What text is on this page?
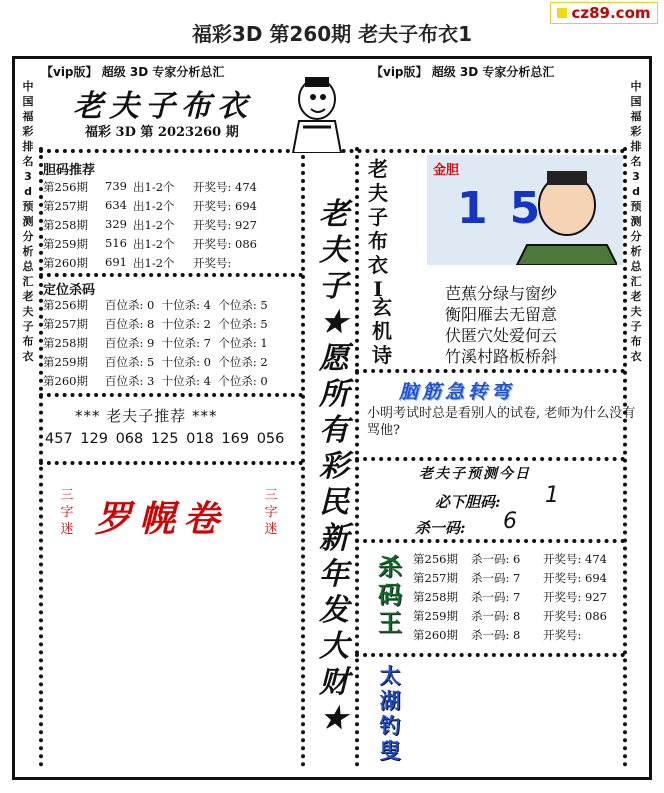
福彩3D 第260期 老夫子布衣1
cz89.com
【vip版】 超级 3D 专家分析总汇	【vip版】 超级 3D 专家分析总汇
中
国
福
彩
排
名
3
d
预
测
分
析
总
汇
老
夫
子
布
衣
中
国
福
彩
排
名
3
d
预
测
分
析
总
汇
老
夫
子
布
衣
老夫子布衣
福彩 3D 第 2023260 期
胆码推荐
第256期 739 出1-2个 开奖号: 474
第257期 634 出1-2个 开奖号: 694
第258期 329 出1-2个 开奖号: 927
第259期 516 出1-2个 开奖号: 086
第260期 691 出1-2个 开奖号:
定位杀码
第256期 百位杀: 0  十位杀: 4  个位杀: 5
第257期 百位杀: 8  十位杀: 2  个位杀: 5
第258期 百位杀: 9  十位杀: 7  个位杀: 1
第259期 百位杀: 5  十位杀: 0  个位杀: 2
第260期 百位杀: 3  十位杀: 4  个位杀: 0
*** 老夫子推荐 ***
457 129 068 125 018 169 056
三
字
迷 罗幌卷
三
字
迷
老
夫
子
★
愿
所
有
彩
民
新
年
发
大
财
★
老
夫
子
布
衣
I
金胆
15
玄
机
诗
芭蕉分绿与窗纱
衡阳雁去无留意
伏匿穴处爱何云
竹溪村路板桥斜
脑筋急转弯
小明考试时总是看别人的试卷, 老师为什么没有骂他?
老夫子预测今日
必下胆码: 1
杀一码: 6
杀
码
王
第256期 杀一码: 6 开奖号: 474
第257期 杀一码: 7 开奖号: 694
第258期 杀一码: 7 开奖号: 927
第259期 杀一码: 8 开奖号: 086
第260期 杀一码: 8 开奖号:
太
湖
钓
叟
